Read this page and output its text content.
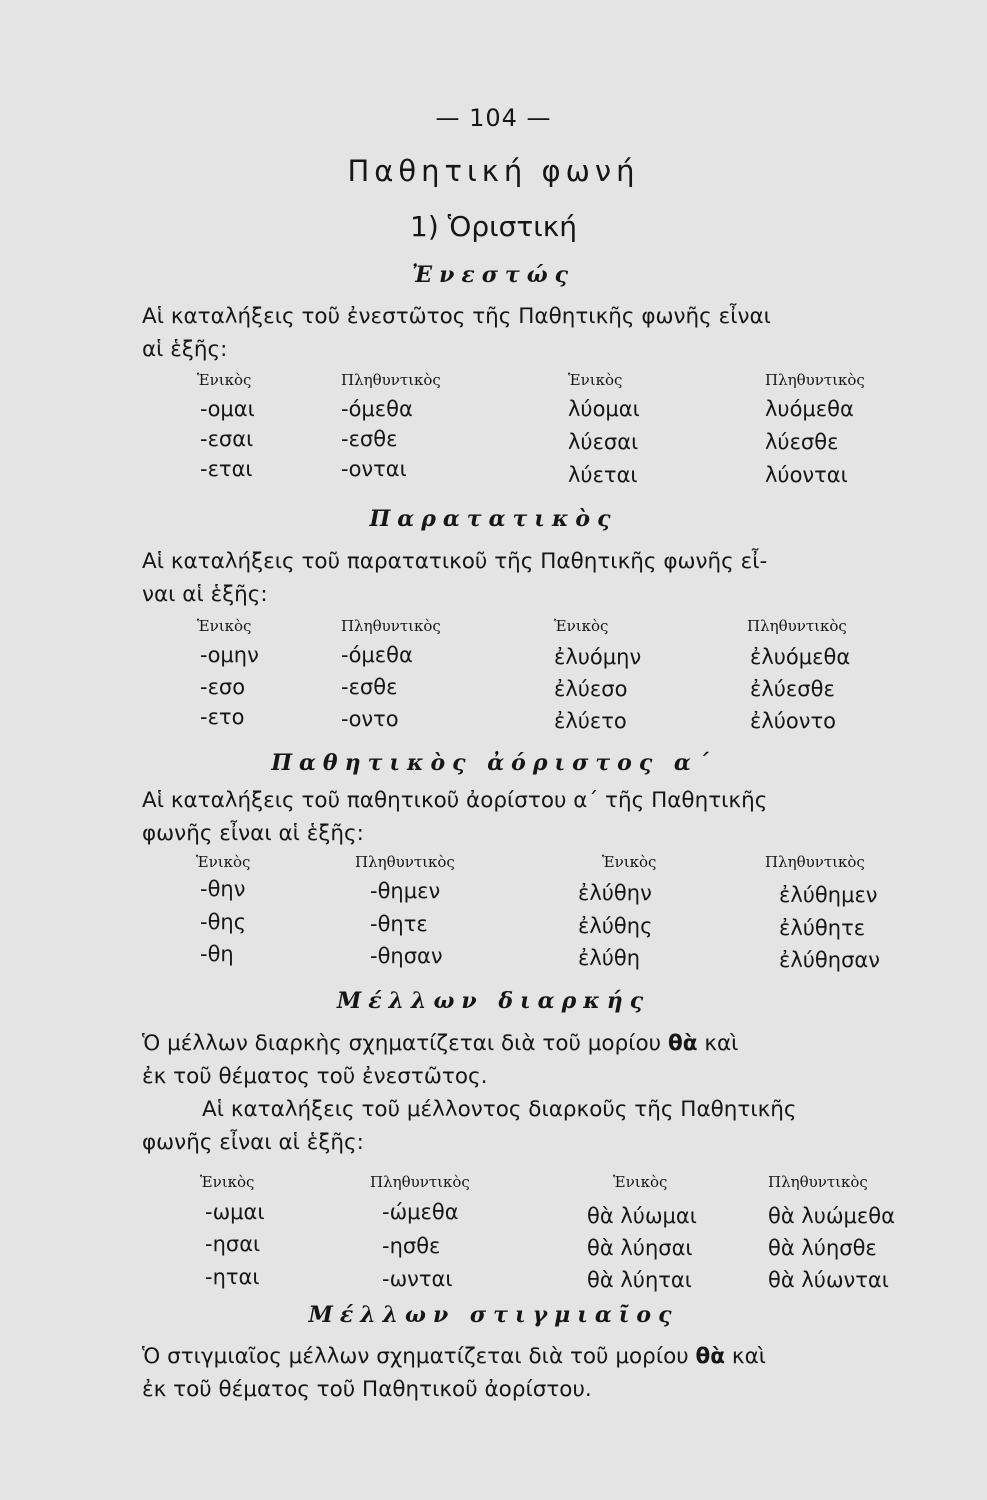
— 104 —
Παθητική φωνή
1) Ὁριστική
Ἐνεστώς
Αἱ καταλήξεις τοῦ ἐνεστῶτος τῆς Παθητικῆς φωνῆς εἶναι
αἱ ἑξῆς:
Ἑνικὸς	Πληθυντικὸς	Ἑνικὸς	Πληθυντικὸς
-ομαι	-όμεθα	λύομαι	λυόμεθα
-εσαι	-εσθε	λύεσαι	λύεσθε
-εται	-ονται	λύεται	λύονται
Παρατατικὸς
Αἱ καταλήξεις τοῦ παρατατικοῦ τῆς Παθητικῆς φωνῆς εἶ-
ναι αἱ ἑξῆς:
Ἑνικὸς	Πληθυντικὸς	Ἑνικὸς	Πληθυντικὸς
-ομην	-όμεθα	ἐλυόμην	ἐλυόμεθα
-εσο	-εσθε	ἐλύεσο	ἐλύεσθε
-ετο	-οντο	ἐλύετο	ἐλύοντο
Παθητικὸς ἀόριστος α΄
Αἱ καταλήξεις τοῦ παθητικοῦ ἀορίστου α΄ τῆς Παθητικῆς
φωνῆς εἶναι αἱ ἑξῆς:
Ἑνικὸς	Πληθυντικὸς	Ἑνικὸς	Πληθυντικὸς
-θην	-θημεν	ἐλύθην	ἐλύθημεν
-θης	-θητε	ἐλύθης	ἐλύθητε
-θη	-θησαν	ἐλύθη	ἐλύθησαν
Μέλλων διαρκής
Ὁ μέλλων διαρκὴς σχηματίζεται διὰ τοῦ μορίου θὰ καὶ
ἐκ τοῦ θέματος τοῦ ἐνεστῶτος.
Αἱ καταλήξεις τοῦ μέλλοντος διαρκοῦς τῆς Παθητικῆς
φωνῆς εἶναι αἱ ἑξῆς:
Ἑνικὸς	Πληθυντικὸς	Ἑνικὸς	Πληθυντικὸς
-ωμαι	-ώμεθα	θὰ λύωμαι	θὰ λυώμεθα
-ησαι	-ησθε	θὰ λύησαι	θὰ λύησθε
-ηται	-ωνται	θὰ λύηται	θὰ λύωνται
Μέλλων στιγμιαῖος
Ὁ στιγμιαῖος μέλλων σχηματίζεται διὰ τοῦ μορίου θὰ καὶ
ἐκ τοῦ θέματος τοῦ Παθητικοῦ ἀορίστου.
